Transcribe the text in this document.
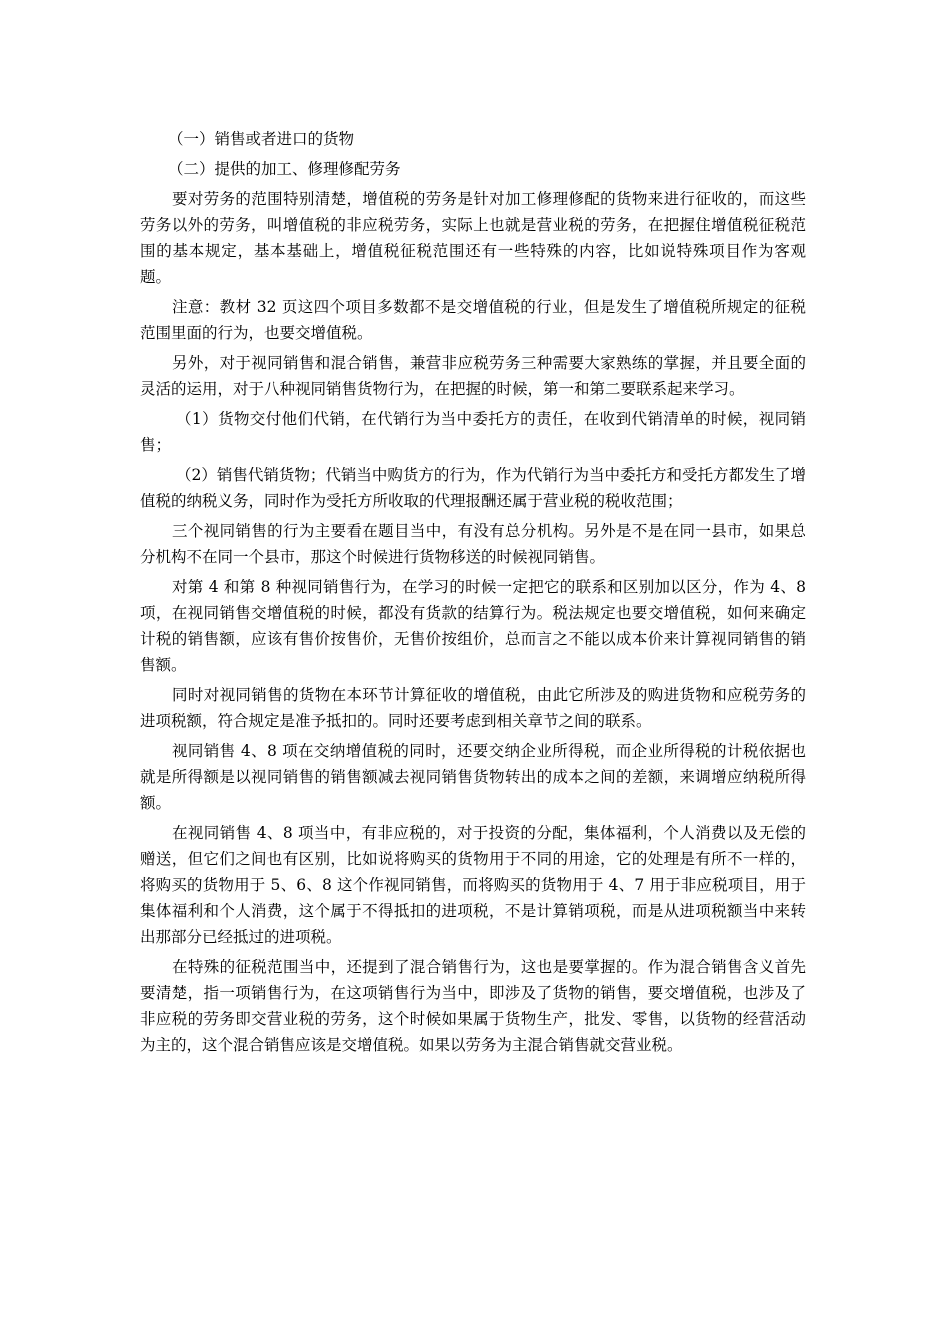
（一）销售或者进口的货物

（二）提供的加工、修理修配劳务

要对劳务的范围特别清楚，增值税的劳务是针对加工修理修配的货物来进行征收的，而这些劳务以外的劳务，叫增值税的非应税劳务，实际上也就是营业税的劳务，在把握住增值税征税范围的基本规定，基本基础上，增值税征税范围还有一些特殊的内容，比如说特殊项目作为客观题。

注意：教材 32 页这四个项目多数都不是交增值税的行业，但是发生了增值税所规定的征税范围里面的行为，也要交增值税。

另外，对于视同销售和混合销售，兼营非应税劳务三种需要大家熟练的掌握，并且要全面的灵活的运用，对于八种视同销售货物行为，在把握的时候，第一和第二要联系起来学习。

（1）货物交付他们代销，在代销行为当中委托方的责任，在收到代销清单的时候，视同销售；

（2）销售代销货物；代销当中购货方的行为，作为代销行为当中委托方和受托方都发生了增值税的纳税义务，同时作为受托方所收取的代理报酬还属于营业税的税收范围；

三个视同销售的行为主要看在题目当中，有没有总分机构。另外是不是在同一县市，如果总分机构不在同一个县市，那这个时候进行货物移送的时候视同销售。

对第 4 和第 8 种视同销售行为，在学习的时候一定把它的联系和区别加以区分，作为 4、8 项，在视同销售交增值税的时候，都没有货款的结算行为。税法规定也要交增值税，如何来确定计税的销售额，应该有售价按售价，无售价按组价，总而言之不能以成本价来计算视同销售的销售额。

同时对视同销售的货物在本环节计算征收的增值税，由此它所涉及的购进货物和应税劳务的进项税额，符合规定是准予抵扣的。同时还要考虑到相关章节之间的联系。

视同销售 4、8 项在交纳增值税的同时，还要交纳企业所得税，而企业所得税的计税依据也就是所得额是以视同销售的销售额减去视同销售货物转出的成本之间的差额，来调增应纳税所得额。

在视同销售 4、8 项当中，有非应税的，对于投资的分配，集体福利，个人消费以及无偿的赠送，但它们之间也有区别，比如说将购买的货物用于不同的用途，它的处理是有所不一样的，将购买的货物用于 5、6、8 这个作视同销售，而将购买的货物用于 4、7 用于非应税项目，用于集体福利和个人消费，这个属于不得抵扣的进项税，不是计算销项税，而是从进项税额当中来转出那部分已经抵过的进项税。

在特殊的征税范围当中，还提到了混合销售行为，这也是要掌握的。作为混合销售含义首先要清楚，指一项销售行为，在这项销售行为当中，即涉及了货物的销售，要交增值税，也涉及了非应税的劳务即交营业税的劳务，这个时候如果属于货物生产，批发、零售，以货物的经营活动为主的，这个混合销售应该是交增值税。如果以劳务为主混合销售就交营业税。
